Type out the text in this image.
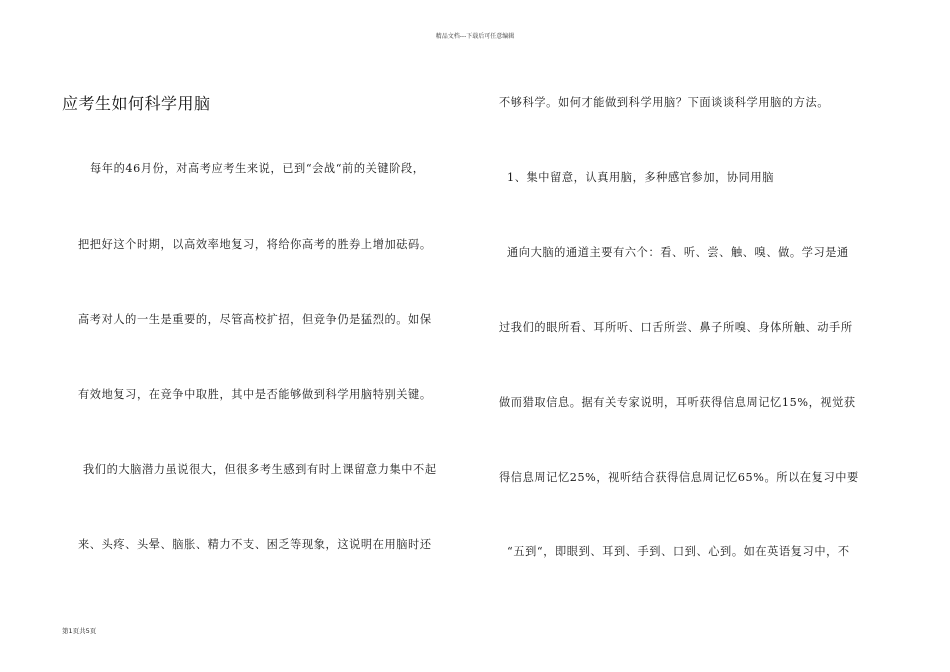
精品文档---下载后可任意编辑
应考生如何科学用脑
每年的46月份，对高考应考生来说，已到“会战“前的关键阶段，
把把好这个时期，以高效率地复习，将给你高考的胜券上增加砝码。
高考对人的一生是重要的，尽管高校扩招，但竞争仍是猛烈的。如保
有效地复习，在竞争中取胜，其中是否能够做到科学用脑特别关键。
我们的大脑潜力虽说很大，但很多考生感到有时上课留意力集中不起
来、头疼、头晕、脑胀、精力不支、困乏等现象，这说明在用脑时还
不够科学。如何才能做到科学用脑？下面谈谈科学用脑的方法。
1、集中留意，认真用脑，多种感官参加，协同用脑
通向大脑的通道主要有六个：看、听、尝、触、嗅、做。学习是通
过我们的眼所看、耳所听、口舌所尝、鼻子所嗅、身体所触、动手所
做而猎取信息。据有关专家说明，耳听获得信息周记忆15%，视觉获
得信息周记忆25%，视听结合获得信息周记忆65%。所以在复习中要
“五到“，即眼到、耳到、手到、口到、心到。如在英语复习中，不
第1页共5页
